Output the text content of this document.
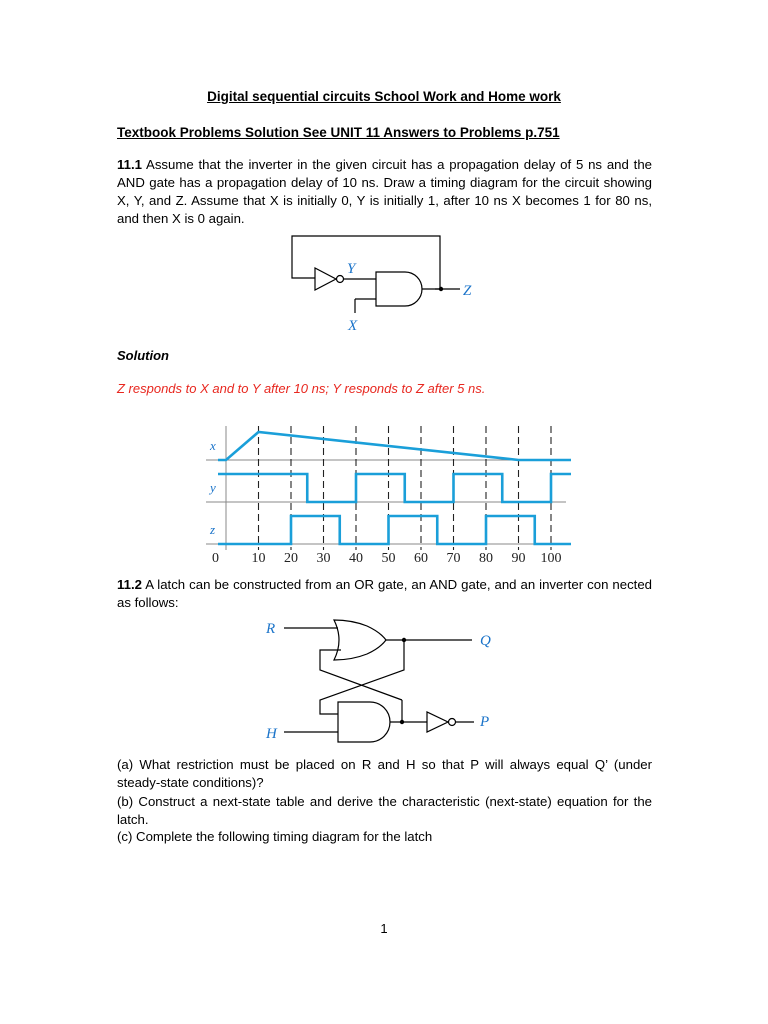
Digital sequential circuits School Work and Home work
Textbook Problems Solution See UNIT 11 Answers to Problems p.751
11.1 Assume that the inverter in the given circuit has a propagation delay of 5 ns and the AND gate has a propagation delay of 10 ns. Draw a timing diagram for the circuit showing X, Y, and Z. Assume that X is initially 0, Y is initially 1, after 10 ns X becomes 1 for 80 ns, and then X is 0 again.
Y
Z
X
Solution
Z responds to X and to Y after 10 ns; Y responds to Z after 5 ns.
x
y
z
0 10 20 30 40 50 60 70 80 90 100
11.2 A latch can be constructed from an OR gate, an AND gate, and an inverter con nected as follows:
R
Q
H
P
(a) What restriction must be placed on R and H so that P will always equal Q’ (under steady-state conditions)?
(b) Construct a next-state table and derive the characteristic (next-state) equation for the latch.
(c) Complete the following timing diagram for the latch
1
